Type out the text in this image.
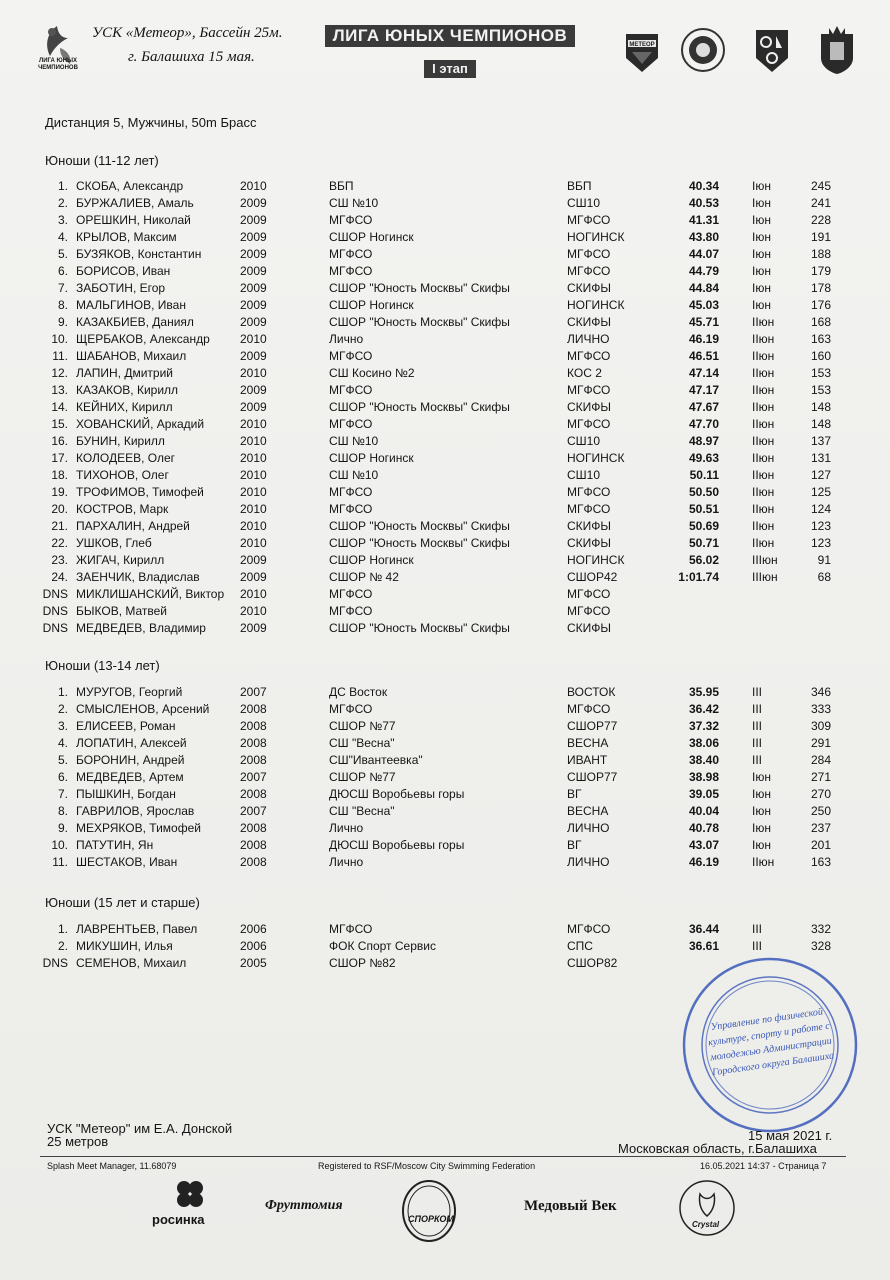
ЛИГА ЮНЫХ ЧЕМПИОНОВ
УСК «Метеор», Бассейн 25м.
г. Балашиха 15 мая.
ЛИГА ЮНЫХ ЧЕМПИОНОВ
I этап
МЕТЕОР
Дистанция 5, Мужчины, 50m Брасс
Юноши (11-12 лет)
1. СКОБА, Александр	2010	ВБП	ВБП	40.34	Iюн	245
2. БУРЖАЛИЕВ, Амаль	2009	СШ №10	СШ10	40.53	Iюн	241
3. ОРЕШКИН, Николай	2009	МГФСО	МГФСО	41.31	Iюн	228
4. КРЫЛОВ, Максим	2009	СШОР Ногинск	НОГИНСК	43.80	Iюн	191
5. БУЗЯКОВ, Константин	2009	МГФСО	МГФСО	44.07	Iюн	188
6. БОРИСОВ, Иван	2009	МГФСО	МГФСО	44.79	Iюн	179
7. ЗАБОТИН, Егор	2009	СШОР "Юность Москвы" Скифы	СКИФЫ	44.84	Iюн	178
8. МАЛЬГИНОВ, Иван	2009	СШОР Ногинск	НОГИНСК	45.03	Iюн	176
9. КАЗАКБИЕВ, Даниял	2009	СШОР "Юность Москвы" Скифы	СКИФЫ	45.71	IIюн	168
10. ЩЕРБАКОВ, Александр	2010	Лично	ЛИЧНО	46.19	IIюн	163
11. ШАБАНОВ, Михаил	2009	МГФСО	МГФСО	46.51	IIюн	160
12. ЛАПИН, Дмитрий	2010	СШ Косино №2	КОС 2	47.14	IIюн	153
13. КАЗАКОВ, Кирилл	2009	МГФСО	МГФСО	47.17	IIюн	153
14. КЕЙНИХ, Кирилл	2009	СШОР "Юность Москвы" Скифы	СКИФЫ	47.67	IIюн	148
15. ХОВАНСКИЙ, Аркадий	2010	МГФСО	МГФСО	47.70	IIюн	148
16. БУНИН, Кирилл	2010	СШ №10	СШ10	48.97	IIюн	137
17. КОЛОДЕЕВ, Олег	2010	СШОР Ногинск	НОГИНСК	49.63	IIюн	131
18. ТИХОНОВ, Олег	2010	СШ №10	СШ10	50.11	IIюн	127
19. ТРОФИМОВ, Тимофей	2010	МГФСО	МГФСО	50.50	IIюн	125
20. КОСТРОВ, Марк	2010	МГФСО	МГФСО	50.51	IIюн	124
21. ПАРХАЛИН, Андрей	2010	СШОР "Юность Москвы" Скифы	СКИФЫ	50.69	IIюн	123
22. УШКОВ, Глеб	2010	СШОР "Юность Москвы" Скифы	СКИФЫ	50.71	IIюн	123
23. ЖИГАЧ, Кирилл	2009	СШОР Ногинск	НОГИНСК	56.02	IIIюн	91
24. ЗАЕНЧИК, Владислав	2009	СШОР № 42	СШОР42	1:01.74	IIIюн	68
DNS МИКЛИШАНСКИЙ, Виктор 2010	МГФСО	МГФСО
DNS БЫКОВ, Матвей	2010	МГФСО	МГФСО
DNS МЕДВЕДЕВ, Владимир	2009	СШОР "Юность Москвы" Скифы	СКИФЫ
Юноши (13-14 лет)
1. МУРУГОВ, Георгий	2007	ДС Восток	ВОСТОК	35.95	III	346
2. СМЫСЛЕНОВ, Арсений	2008	МГФСО	МГФСО	36.42	III	333
3. ЕЛИСЕЕВ, Роман	2008	СШОР №77	СШОР77	37.32	III	309
4. ЛОПАТИН, Алексей	2008	СШ "Весна"	ВЕСНА	38.06	III	291
5. БОРОНИН, Андрей	2008	СШ"Ивантеевка"	ИВАНТ	38.40	III	284
6. МЕДВЕДЕВ, Артем	2007	СШОР №77	СШОР77	38.98	Iюн	271
7. ПЫШКИН, Богдан	2008	ДЮСШ Воробьевы горы	ВГ	39.05	Iюн	270
8. ГАВРИЛОВ, Ярослав	2007	СШ "Весна"	ВЕСНА	40.04	Iюн	250
9. МЕХРЯКОВ, Тимофей	2008	Лично	ЛИЧНО	40.78	Iюн	237
10. ПАТУТИН, Ян	2008	ДЮСШ Воробьевы горы	ВГ	43.07	Iюн	201
11. ШЕСТАКОВ, Иван	2008	Лично	ЛИЧНО	46.19	IIюн	163
Юноши (15 лет и старше)
1. ЛАВРЕНТЬЕВ, Павел	2006	МГФСО	МГФСО	36.44	III	332
2. МИКУШИН, Илья	2006	ФОК Спорт Сервис	СПС	36.61	III	328
DNS СЕМЕНОВ, Михаил	2005	СШОР №82	СШОР82
Управление по физической культуре, спорту и работе с молодежью Администрации Городского округа Балашиха
УСК "Метеор" им Е.А. Донской
25 метров	15 мая 2021 г.
Московская область, г.Балашиха
Splash Meet Manager, 11.68079	Registered to RSF/Moscow City Swimming Federation	16.05.2021 14:37 - Страница 7
росинка
Фруттомия
СПОРКОМ
Медовый Век
Crystal
